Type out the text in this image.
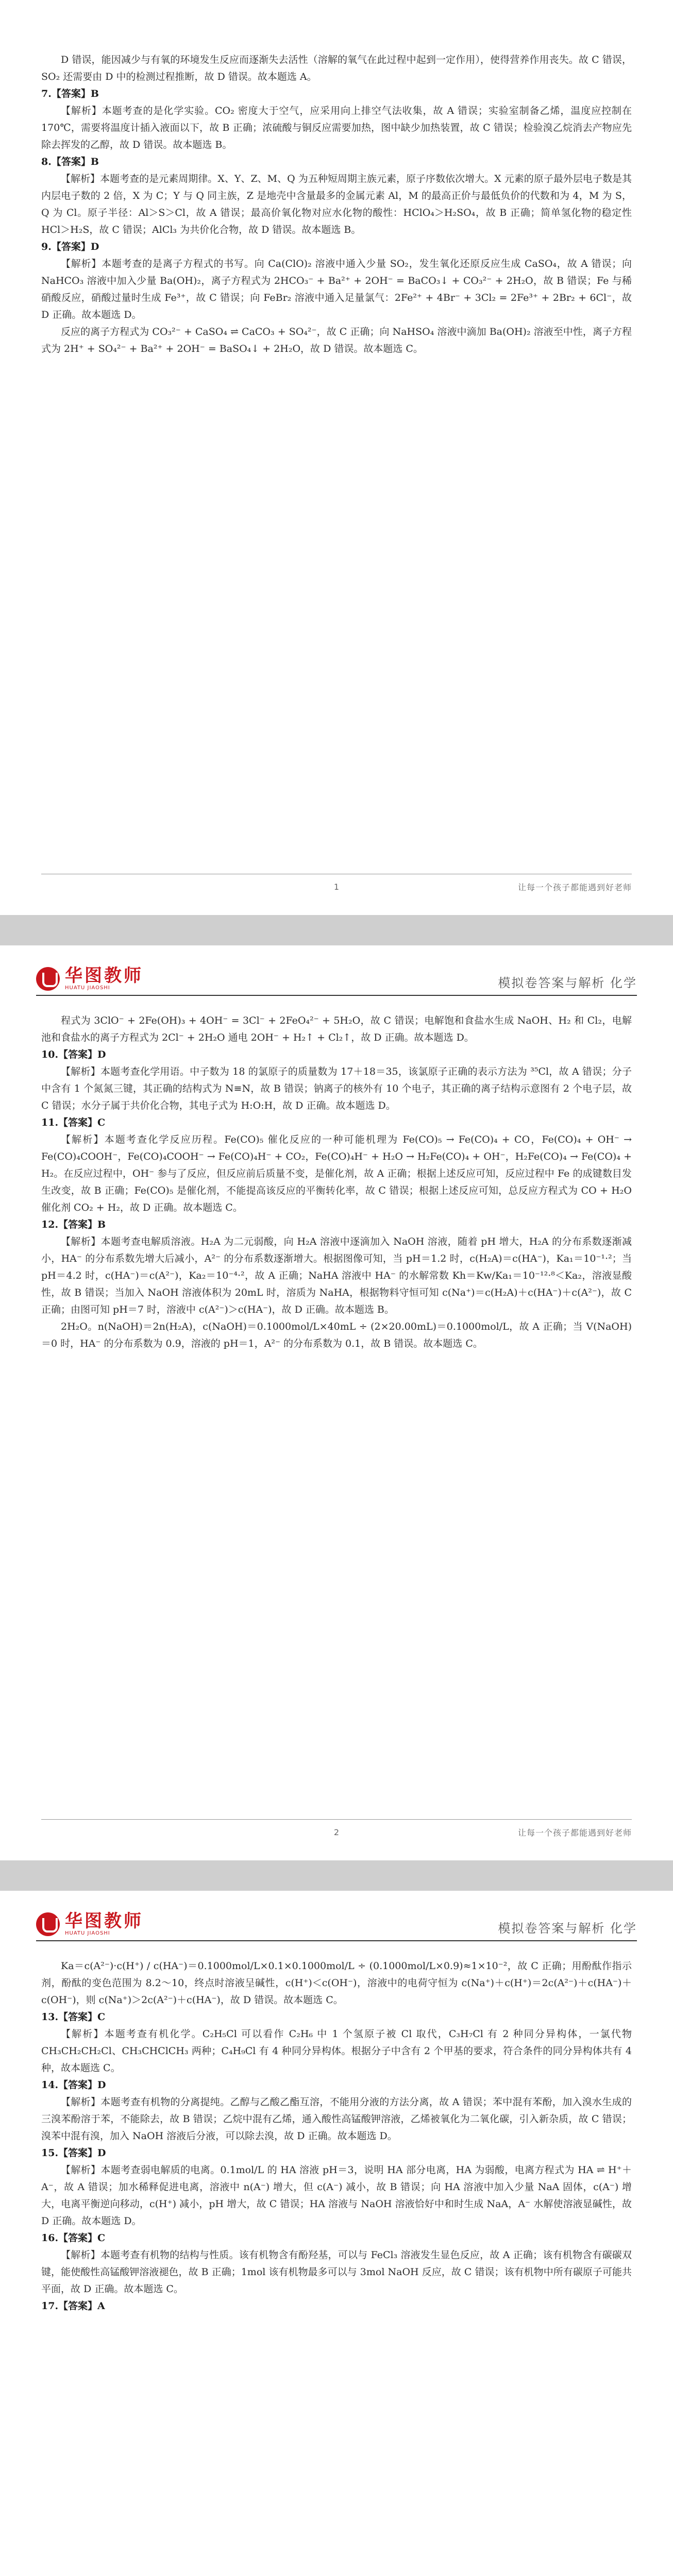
D 错误，能因减少与有氧的环境发生反应而逐渐失去活性（溶解的氧气在此过程中起到一定作用），使得营养作用丧失。故 C 错误，SO₂ 还需要由 D 中的检测过程推断，故 D 错误。故本题选 A。

7.【答案】B

【解析】本题考查的是化学实验。CO₂ 密度大于空气，应采用向上排空气法收集，故 A 错误；实验室制备乙烯，温度应控制在 170℃，需要将温度计插入液面以下，故 B 正确；浓硫酸与铜反应需要加热，图中缺少加热装置，故 C 错误；检验溴乙烷消去产物应先除去挥发的乙醇，故 D 错误。故本题选 B。

8.【答案】B

【解析】本题考查的是元素周期律。X、Y、Z、M、Q 为五种短周期主族元素，原子序数依次增大。X 元素的原子最外层电子数是其内层电子数的 2 倍，X 为 C；Y 与 Q 同主族，Z 是地壳中含量最多的金属元素 Al，M 的最高正价与最低负价的代数和为 4，M 为 S，Q 为 Cl。原子半径：Al＞S＞Cl，故 A 错误；最高价氧化物对应水化物的酸性：HClO₄＞H₂SO₄，故 B 正确；简单氢化物的稳定性 HCl＞H₂S，故 C 错误；AlCl₃ 为共价化合物，故 D 错误。故本题选 B。

9.【答案】D

【解析】本题考查的是离子方程式的书写。向 Ca(ClO)₂ 溶液中通入少量 SO₂，发生氧化还原反应生成 CaSO₄，故 A 错误；向 NaHCO₃ 溶液中加入少量 Ba(OH)₂，离子方程式为 2HCO₃⁻ + Ba²⁺ + 2OH⁻ = BaCO₃↓ + CO₃²⁻ + 2H₂O，故 B 错误；Fe 与稀硝酸反应，硝酸过量时生成 Fe³⁺，故 C 错误；向 FeBr₂ 溶液中通入足量氯气：2Fe²⁺ + 4Br⁻ + 3Cl₂ = 2Fe³⁺ + 2Br₂ + 6Cl⁻，故 D 正确。故本题选 D。

反应的离子方程式为 CO₃²⁻ + CaSO₄ ⇌ CaCO₃ + SO₄²⁻，故 C 正确；向 NaHSO₄ 溶液中滴加 Ba(OH)₂ 溶液至中性，离子方程式为 2H⁺ + SO₄²⁻ + Ba²⁺ + 2OH⁻ = BaSO₄↓ + 2H₂O，故 D 错误。故本题选 C。

1	让每一个孩子都能遇到好老师
华图教师
HUATU JIAOSHI	模拟卷答案与解析 化学

程式为 3ClO⁻ + 2Fe(OH)₃ + 4OH⁻ = 3Cl⁻ + 2FeO₄²⁻ + 5H₂O，故 C 错误；电解饱和食盐水生成 NaOH、H₂ 和 Cl₂，电解池和食盐水的离子方程式为 2Cl⁻ + 2H₂O 通电 2OH⁻ + H₂↑ + Cl₂↑，故 D 正确。故本题选 D。

10.【答案】D

【解析】本题考查化学用语。中子数为 18 的氯原子的质量数为 17＋18＝35，该氯原子正确的表示方法为 ³⁵Cl，故 A 错误；分子中含有 1 个氮氮三键，其正确的结构式为 N≡N，故 B 错误；钠离子的核外有 10 个电子，其正确的离子结构示意图有 2 个电子层，故 C 错误；水分子属于共价化合物，其电子式为 H:O:H，故 D 正确。故本题选 D。

11.【答案】C

【解析】本题考查化学反应历程。Fe(CO)₅ 催化反应的一种可能机理为 Fe(CO)₅ → Fe(CO)₄ + CO，Fe(CO)₄ + OH⁻ → Fe(CO)₄COOH⁻，Fe(CO)₄COOH⁻ → Fe(CO)₄H⁻ + CO₂，Fe(CO)₄H⁻ + H₂O → H₂Fe(CO)₄ + OH⁻，H₂Fe(CO)₄ → Fe(CO)₄ + H₂。在反应过程中，OH⁻ 参与了反应，但反应前后质量不变，是催化剂，故 A 正确；根据上述反应可知，反应过程中 Fe 的成键数目发生改变，故 B 正确；Fe(CO)₅ 是催化剂，不能提高该反应的平衡转化率，故 C 错误；根据上述反应可知，总反应方程式为 CO + H₂O 催化剂 CO₂ + H₂，故 D 正确。故本题选 C。

12.【答案】B

【解析】本题考查电解质溶液。H₂A 为二元弱酸，向 H₂A 溶液中逐滴加入 NaOH 溶液，随着 pH 增大，H₂A 的分布系数逐渐减小，HA⁻ 的分布系数先增大后减小，A²⁻ 的分布系数逐渐增大。根据图像可知，当 pH＝1.2 时，c(H₂A)＝c(HA⁻)，Ka₁＝10⁻¹·²；当 pH＝4.2 时，c(HA⁻)＝c(A²⁻)，Ka₂＝10⁻⁴·²，故 A 正确；NaHA 溶液中 HA⁻ 的水解常数 Kh＝Kw/Ka₁＝10⁻¹²·⁸＜Ka₂，溶液显酸性，故 B 错误；当加入 NaOH 溶液体积为 20mL 时，溶质为 NaHA，根据物料守恒可知 c(Na⁺)＝c(H₂A)＋c(HA⁻)＋c(A²⁻)，故 C 正确；由图可知 pH＝7 时，溶液中 c(A²⁻)＞c(HA⁻)，故 D 正确。故本题选 B。

2H₂O。n(NaOH)＝2n(H₂A)，c(NaOH)＝0.1000mol/L×40mL ÷ (2×20.00mL)＝0.1000mol/L，故 A 正确；当 V(NaOH)＝0 时，HA⁻ 的分布系数为 0.9，溶液的 pH＝1，A²⁻ 的分布系数为 0.1，故 B 错误。故本题选 C。

2	让每一个孩子都能遇到好老师
华图教师
HUATU JIAOSHI	模拟卷答案与解析 化学

Ka＝c(A²⁻)·c(H⁺) / c(HA⁻)＝0.1000mol/L×0.1×0.1000mol/L ÷ (0.1000mol/L×0.9)≈1×10⁻²，故 C 正确；用酚酞作指示剂，酚酞的变色范围为 8.2～10，终点时溶液呈碱性，c(H⁺)＜c(OH⁻)，溶液中的电荷守恒为 c(Na⁺)＋c(H⁺)＝2c(A²⁻)＋c(HA⁻)＋c(OH⁻)，则 c(Na⁺)＞2c(A²⁻)＋c(HA⁻)，故 D 错误。故本题选 C。

13.【答案】C

【解析】本题考查有机化学。C₂H₅Cl 可以看作 C₂H₆ 中 1 个氢原子被 Cl 取代，C₃H₇Cl 有 2 种同分异构体，一氯代物 CH₃CH₂CH₂Cl、CH₃CHClCH₃ 两种；C₄H₉Cl 有 4 种同分异构体。根据分子中含有 2 个甲基的要求，符合条件的同分异构体共有 4 种，故本题选 C。

14.【答案】D

【解析】本题考查有机物的分离提纯。乙醇与乙酸乙酯互溶，不能用分液的方法分离，故 A 错误；苯中混有苯酚，加入溴水生成的三溴苯酚溶于苯，不能除去，故 B 错误；乙烷中混有乙烯，通入酸性高锰酸钾溶液，乙烯被氧化为二氧化碳，引入新杂质，故 C 错误；溴苯中混有溴，加入 NaOH 溶液后分液，可以除去溴，故 D 正确。故本题选 D。

15.【答案】D

【解析】本题考查弱电解质的电离。0.1mol/L 的 HA 溶液 pH＝3，说明 HA 部分电离，HA 为弱酸，电离方程式为 HA ⇌ H⁺＋A⁻，故 A 错误；加水稀释促进电离，溶液中 n(A⁻) 增大，但 c(A⁻) 减小，故 B 错误；向 HA 溶液中加入少量 NaA 固体，c(A⁻) 增大，电离平衡逆向移动，c(H⁺) 减小，pH 增大，故 C 错误；HA 溶液与 NaOH 溶液恰好中和时生成 NaA，A⁻ 水解使溶液显碱性，故 D 正确。故本题选 D。

16.【答案】C

【解析】本题考查有机物的结构与性质。该有机物含有酚羟基，可以与 FeCl₃ 溶液发生显色反应，故 A 正确；该有机物含有碳碳双键，能使酸性高锰酸钾溶液褪色，故 B 正确；1mol 该有机物最多可以与 3mol NaOH 反应，故 C 错误；该有机物中所有碳原子可能共平面，故 D 正确。故本题选 C。

17.【答案】A
